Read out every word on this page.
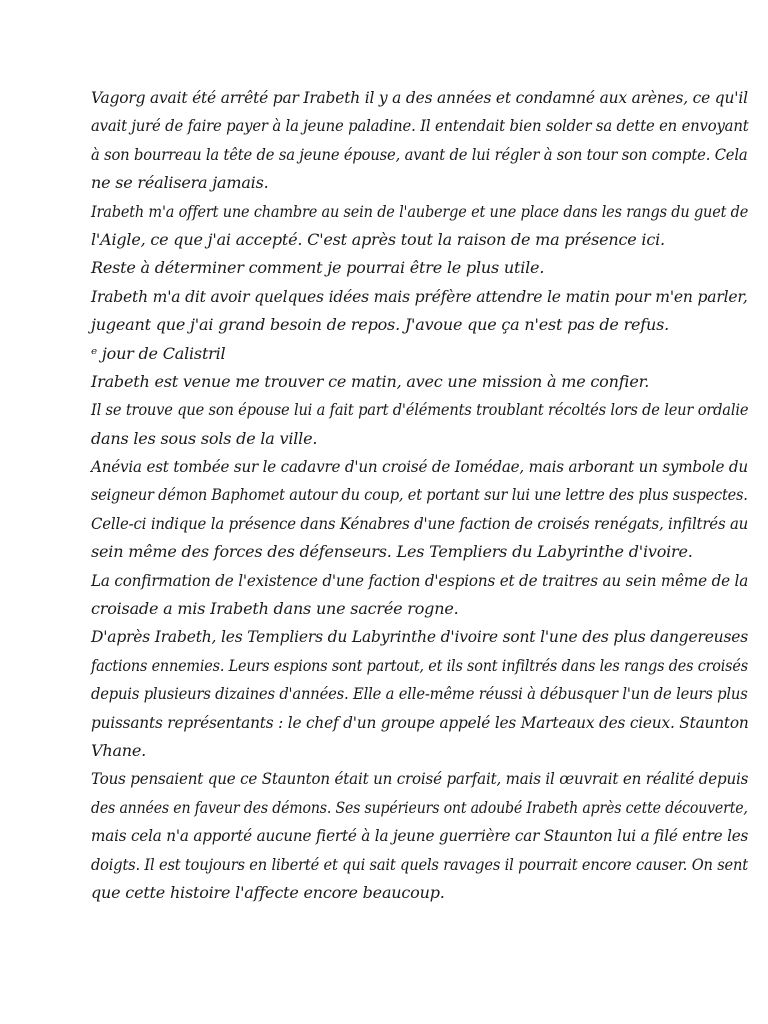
Vagorg avait été arrêté par Irabeth il y a des années et condamné aux arènes, ce qu'il
avait juré de faire payer à la jeune paladine. Il entendait bien solder sa dette en envoyant
à son bourreau la tête de sa jeune épouse, avant de lui régler à son tour son compte. Cela
ne se réalisera jamais.
Irabeth m'a offert une chambre au sein de l'auberge et une place dans les rangs du guet de
l'Aigle, ce que j'ai accepté. C'est après tout la raison de ma présence ici.
Reste à déterminer comment je pourrai être le plus utile.
Irabeth m'a dit avoir quelques idées mais préfère attendre le matin pour m'en parler,
jugeant que j'ai grand besoin de repos. J'avoue que ça n'est pas de refus.
ᵉ jour de Calistril
Irabeth est venue me trouver ce matin, avec une mission à me confier.
Il se trouve que son épouse lui a fait part d'éléments troublant récoltés lors de leur ordalie
dans les sous sols de la ville.
Anévia est tombée sur le cadavre d'un croisé de Iomédae, mais arborant un symbole du
seigneur démon Baphomet autour du coup, et portant sur lui une lettre des plus suspectes.
Celle-ci indique la présence dans Kénabres d'une faction de croisés renégats, infiltrés au
sein même des forces des défenseurs. Les Templiers du Labyrinthe d'ivoire.
La confirmation de l'existence d'une faction d'espions et de traitres au sein même de la
croisade a mis Irabeth dans une sacrée rogne.
D'après Irabeth, les Templiers du Labyrinthe d'ivoire sont l'une des plus dangereuses
factions ennemies. Leurs espions sont partout, et ils sont infiltrés dans les rangs des croisés
depuis plusieurs dizaines d'années. Elle a elle-même réussi à débusquer l'un de leurs plus
puissants représentants : le chef d'un groupe appelé les Marteaux des cieux. Staunton
Vhane.
Tous pensaient que ce Staunton était un croisé parfait, mais il œuvrait en réalité depuis
des années en faveur des démons. Ses supérieurs ont adoubé Irabeth après cette découverte,
mais cela n'a apporté aucune fierté à la jeune guerrière car Staunton lui a filé entre les
doigts. Il est toujours en liberté et qui sait quels ravages il pourrait encore causer. On sent
que cette histoire l'affecte encore beaucoup.
